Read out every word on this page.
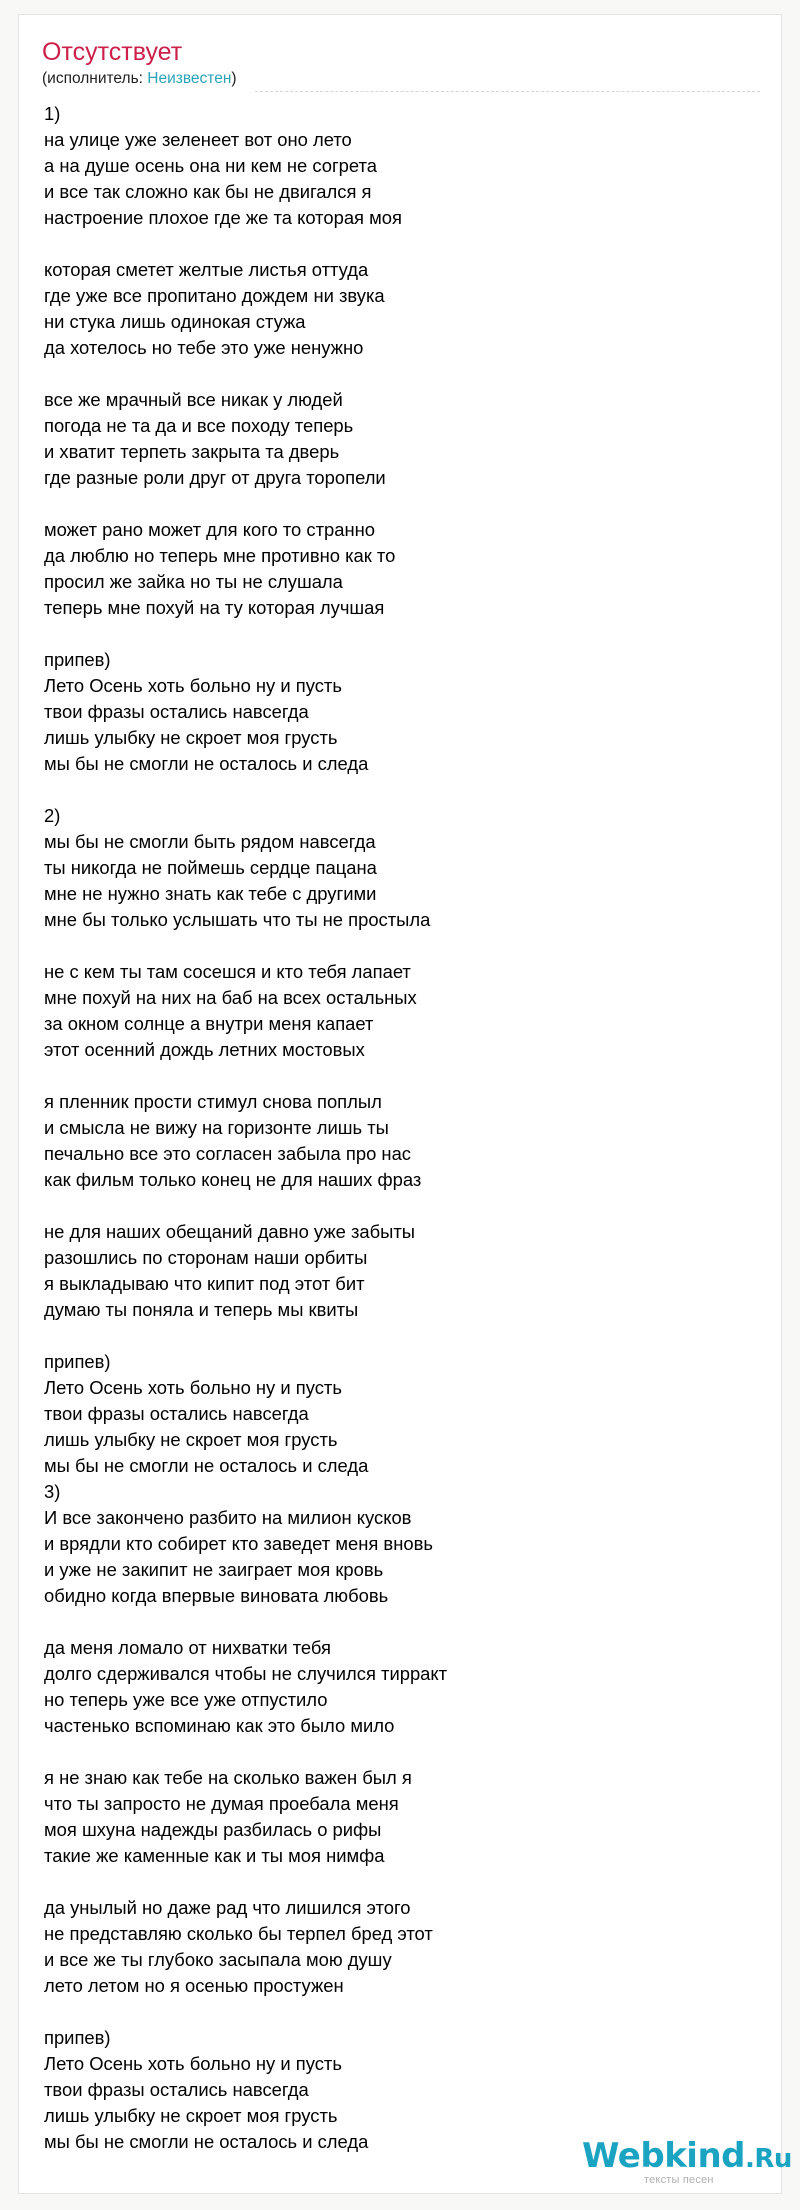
Отсутствует
(исполнитель: Неизвестен)
1)
на улице уже зеленеет вот оно лето
а на душе осень она ни кем не согрета
и все так сложно как бы не двигался я
настроение плохое где же та которая моя
которая сметет желтые листья оттуда
где уже все пропитано дождем ни звука
ни стука лишь одинокая стужа
да хотелось но тебе это уже ненужно
все же мрачный все никак у людей
погода не та да и все походу теперь
и хватит терпеть закрыта та дверь
где разные роли друг от друга торопели
может рано может для кого то странно
да люблю но теперь мне противно как то
просил же зайка но ты не слушала
теперь мне похуй на ту которая лучшая
припев)
Лето Осень хоть больно ну и пусть
твои фразы остались навсегда
лишь улыбку не скроет моя грусть
мы бы не смогли не осталось и следа
2)
мы бы не смогли быть рядом навсегда
ты никогда не поймешь сердце пацана
мне не нужно знать как тебе с другими
мне бы только услышать что ты не простыла
не с кем ты там сосешся и кто тебя лапает
мне похуй на них на баб на всех остальных
за окном солнце а внутри меня капает
этот осенний дождь летних мостовых
я пленник прости стимул снова поплыл
и смысла не вижу на горизонте лишь ты
печально все это согласен забыла про нас
как фильм только конец не для наших фраз
не для наших обещаний давно уже забыты
разошлись по сторонам наши орбиты
я выкладываю что кипит под этот бит
думаю ты поняла и теперь мы квиты
припев)
Лето Осень хоть больно ну и пусть
твои фразы остались навсегда
лишь улыбку не скроет моя грусть
мы бы не смогли не осталось и следа
3)
И все закончено разбито на милион кусков
и врядли кто собирет кто заведет меня вновь
и уже не закипит не заиграет моя кровь
обидно когда впервые виновата любовь
да меня ломало от нихватки тебя
долго сдерживался чтобы не случился тирракт
но теперь уже все уже отпустило
частенько вспоминаю как это было мило
я не знаю как тебе на сколько важен был я
что ты запросто не думая проебала меня
моя шхуна надежды разбилась о рифы
такие же каменные как и ты моя нимфа
да унылый но даже рад что лишился этого
не представляю сколько бы терпел бред этот
и все же ты глубоко засыпала мою душу
лето летом но я осенью простужен
припев)
Лето Осень хоть больно ну и пусть
твои фразы остались навсегда
лишь улыбку не скроет моя грусть
мы бы не смогли не осталось и следа	Webkind.Ru
тексты песен
